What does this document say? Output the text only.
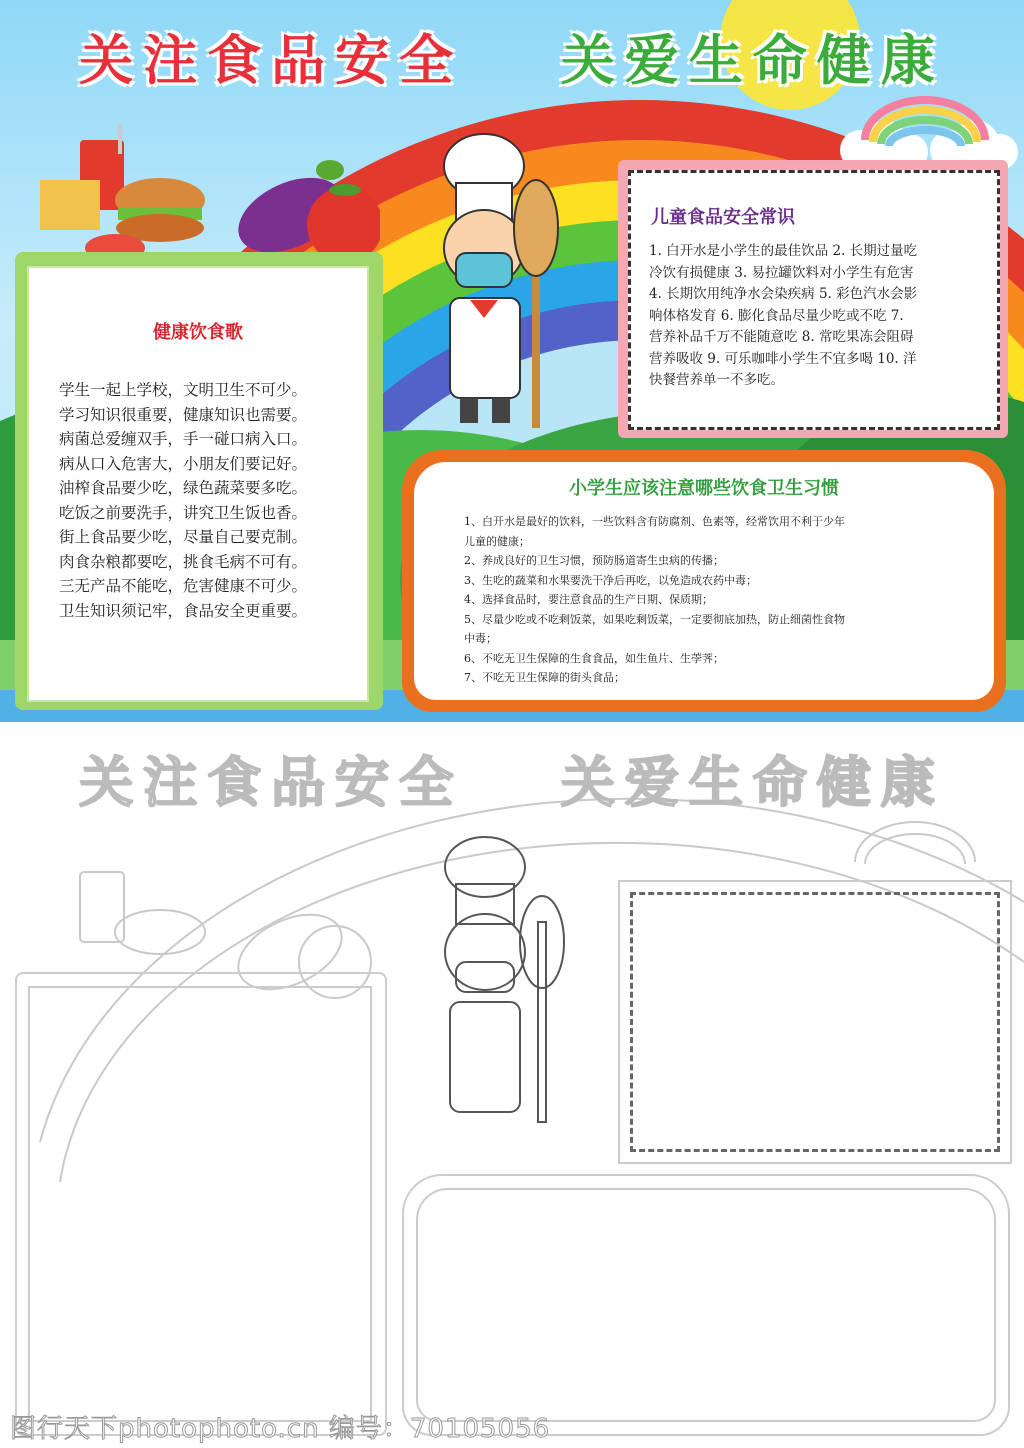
关注食品安全 关爱生命健康
健康饮食歌
学生一起上学校，文明卫生不可少。
学习知识很重要，健康知识也需要。
病菌总爱缠双手，手一碰口病入口。
病从口入危害大，小朋友们要记好。
油榨食品要少吃，绿色蔬菜要多吃。
吃饭之前要洗手，讲究卫生饭也香。
街上食品要少吃，尽量自己要克制。
肉食杂粮都要吃，挑食毛病不可有。
三无产品不能吃，危害健康不可少。
卫生知识须记牢，食品安全更重要。
儿童食品安全常识
1. 白开水是小学生的最佳饮品 2. 长期过量吃
冷饮有损健康 3. 易拉罐饮料对小学生有危害
4. 长期饮用纯净水会染疾病 5. 彩色汽水会影
响体格发育 6. 膨化食品尽量少吃或不吃 7.
营养补品千万不能随意吃 8. 常吃果冻会阻碍
营养吸收 9. 可乐咖啡小学生不宜多喝 10. 洋
快餐营养单一不多吃。
小学生应该注意哪些饮食卫生习惯
1、白开水是最好的饮料，一些饮料含有防腐剂、色素等，经常饮用不利于少年
儿童的健康；
2、养成良好的卫生习惯，预防肠道寄生虫病的传播；
3、生吃的蔬菜和水果要洗干净后再吃，以免造成农药中毒；
4、选择食品时，要注意食品的生产日期、保质期；
5、尽量少吃或不吃剩饭菜，如果吃剩饭菜，一定要彻底加热，防止细菌性食物
中毒；
6、不吃无卫生保障的生食食品，如生鱼片、生荸荠；
7、不吃无卫生保障的街头食品；
关注食品安全 关爱生命健康
图行天下photophoto.cn 编号：70105056
